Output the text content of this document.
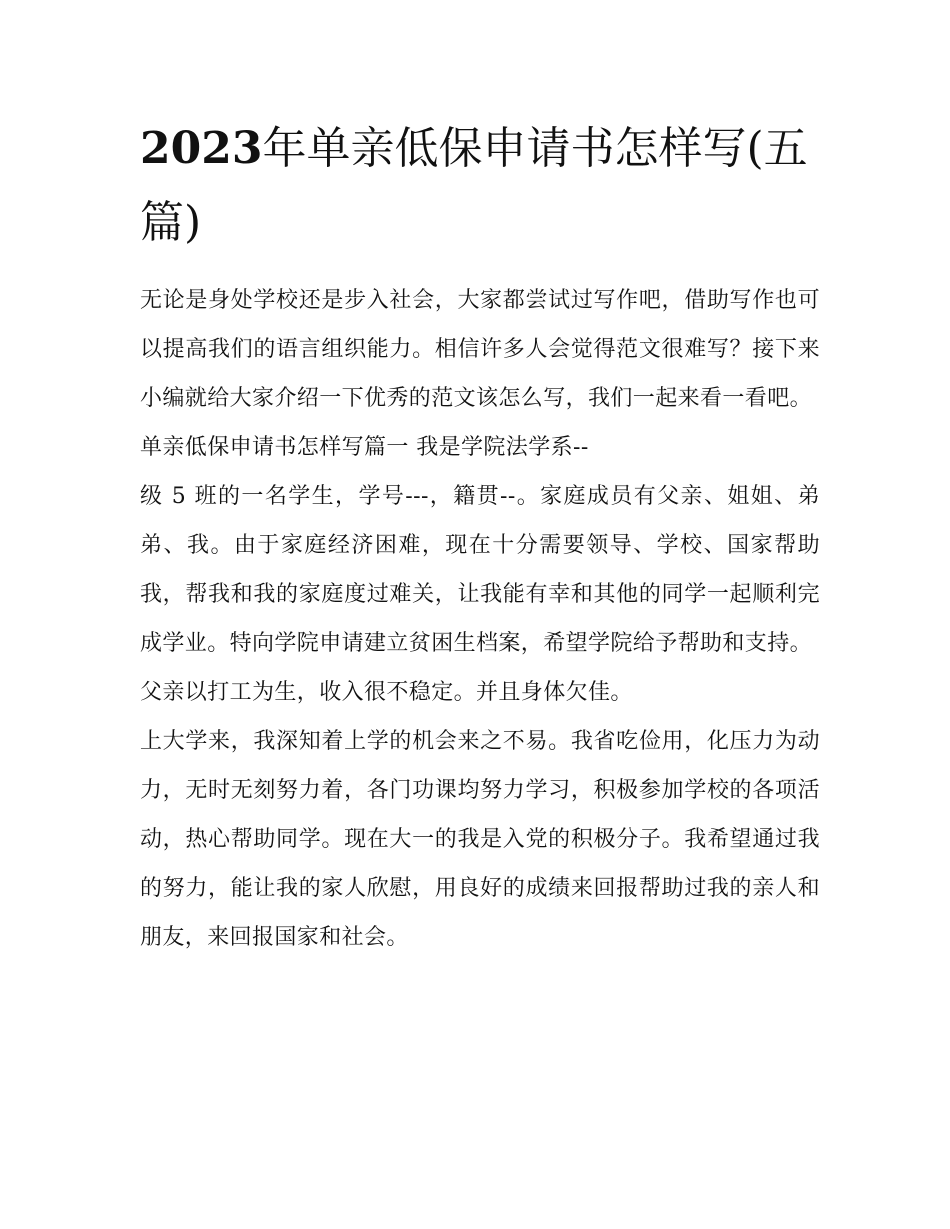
2023年单亲低保申请书怎样写(五篇)

无论是身处学校还是步入社会，大家都尝试过写作吧，借助写作也可以提高我们的语言组织能力。相信许多人会觉得范文很难写？接下来小编就给大家介绍一下优秀的范文该怎么写，我们一起来看一看吧。

单亲低保申请书怎样写篇一 我是学院法学系--

级 5 班的一名学生，学号---，籍贯--。家庭成员有父亲、姐姐、弟弟、我。由于家庭经济困难，现在十分需要领导、学校、国家帮助我，帮我和我的家庭度过难关，让我能有幸和其他的同学一起顺利完成学业。特向学院申请建立贫困生档案，希望学院给予帮助和支持。

父亲以打工为生，收入很不稳定。并且身体欠佳。

上大学来，我深知着上学的机会来之不易。我省吃俭用，化压力为动力，无时无刻努力着，各门功课均努力学习，积极参加学校的各项活动，热心帮助同学。现在大一的我是入党的积极分子。我希望通过我的努力，能让我的家人欣慰，用良好的成绩来回报帮助过我的亲人和朋友，来回报国家和社会。
